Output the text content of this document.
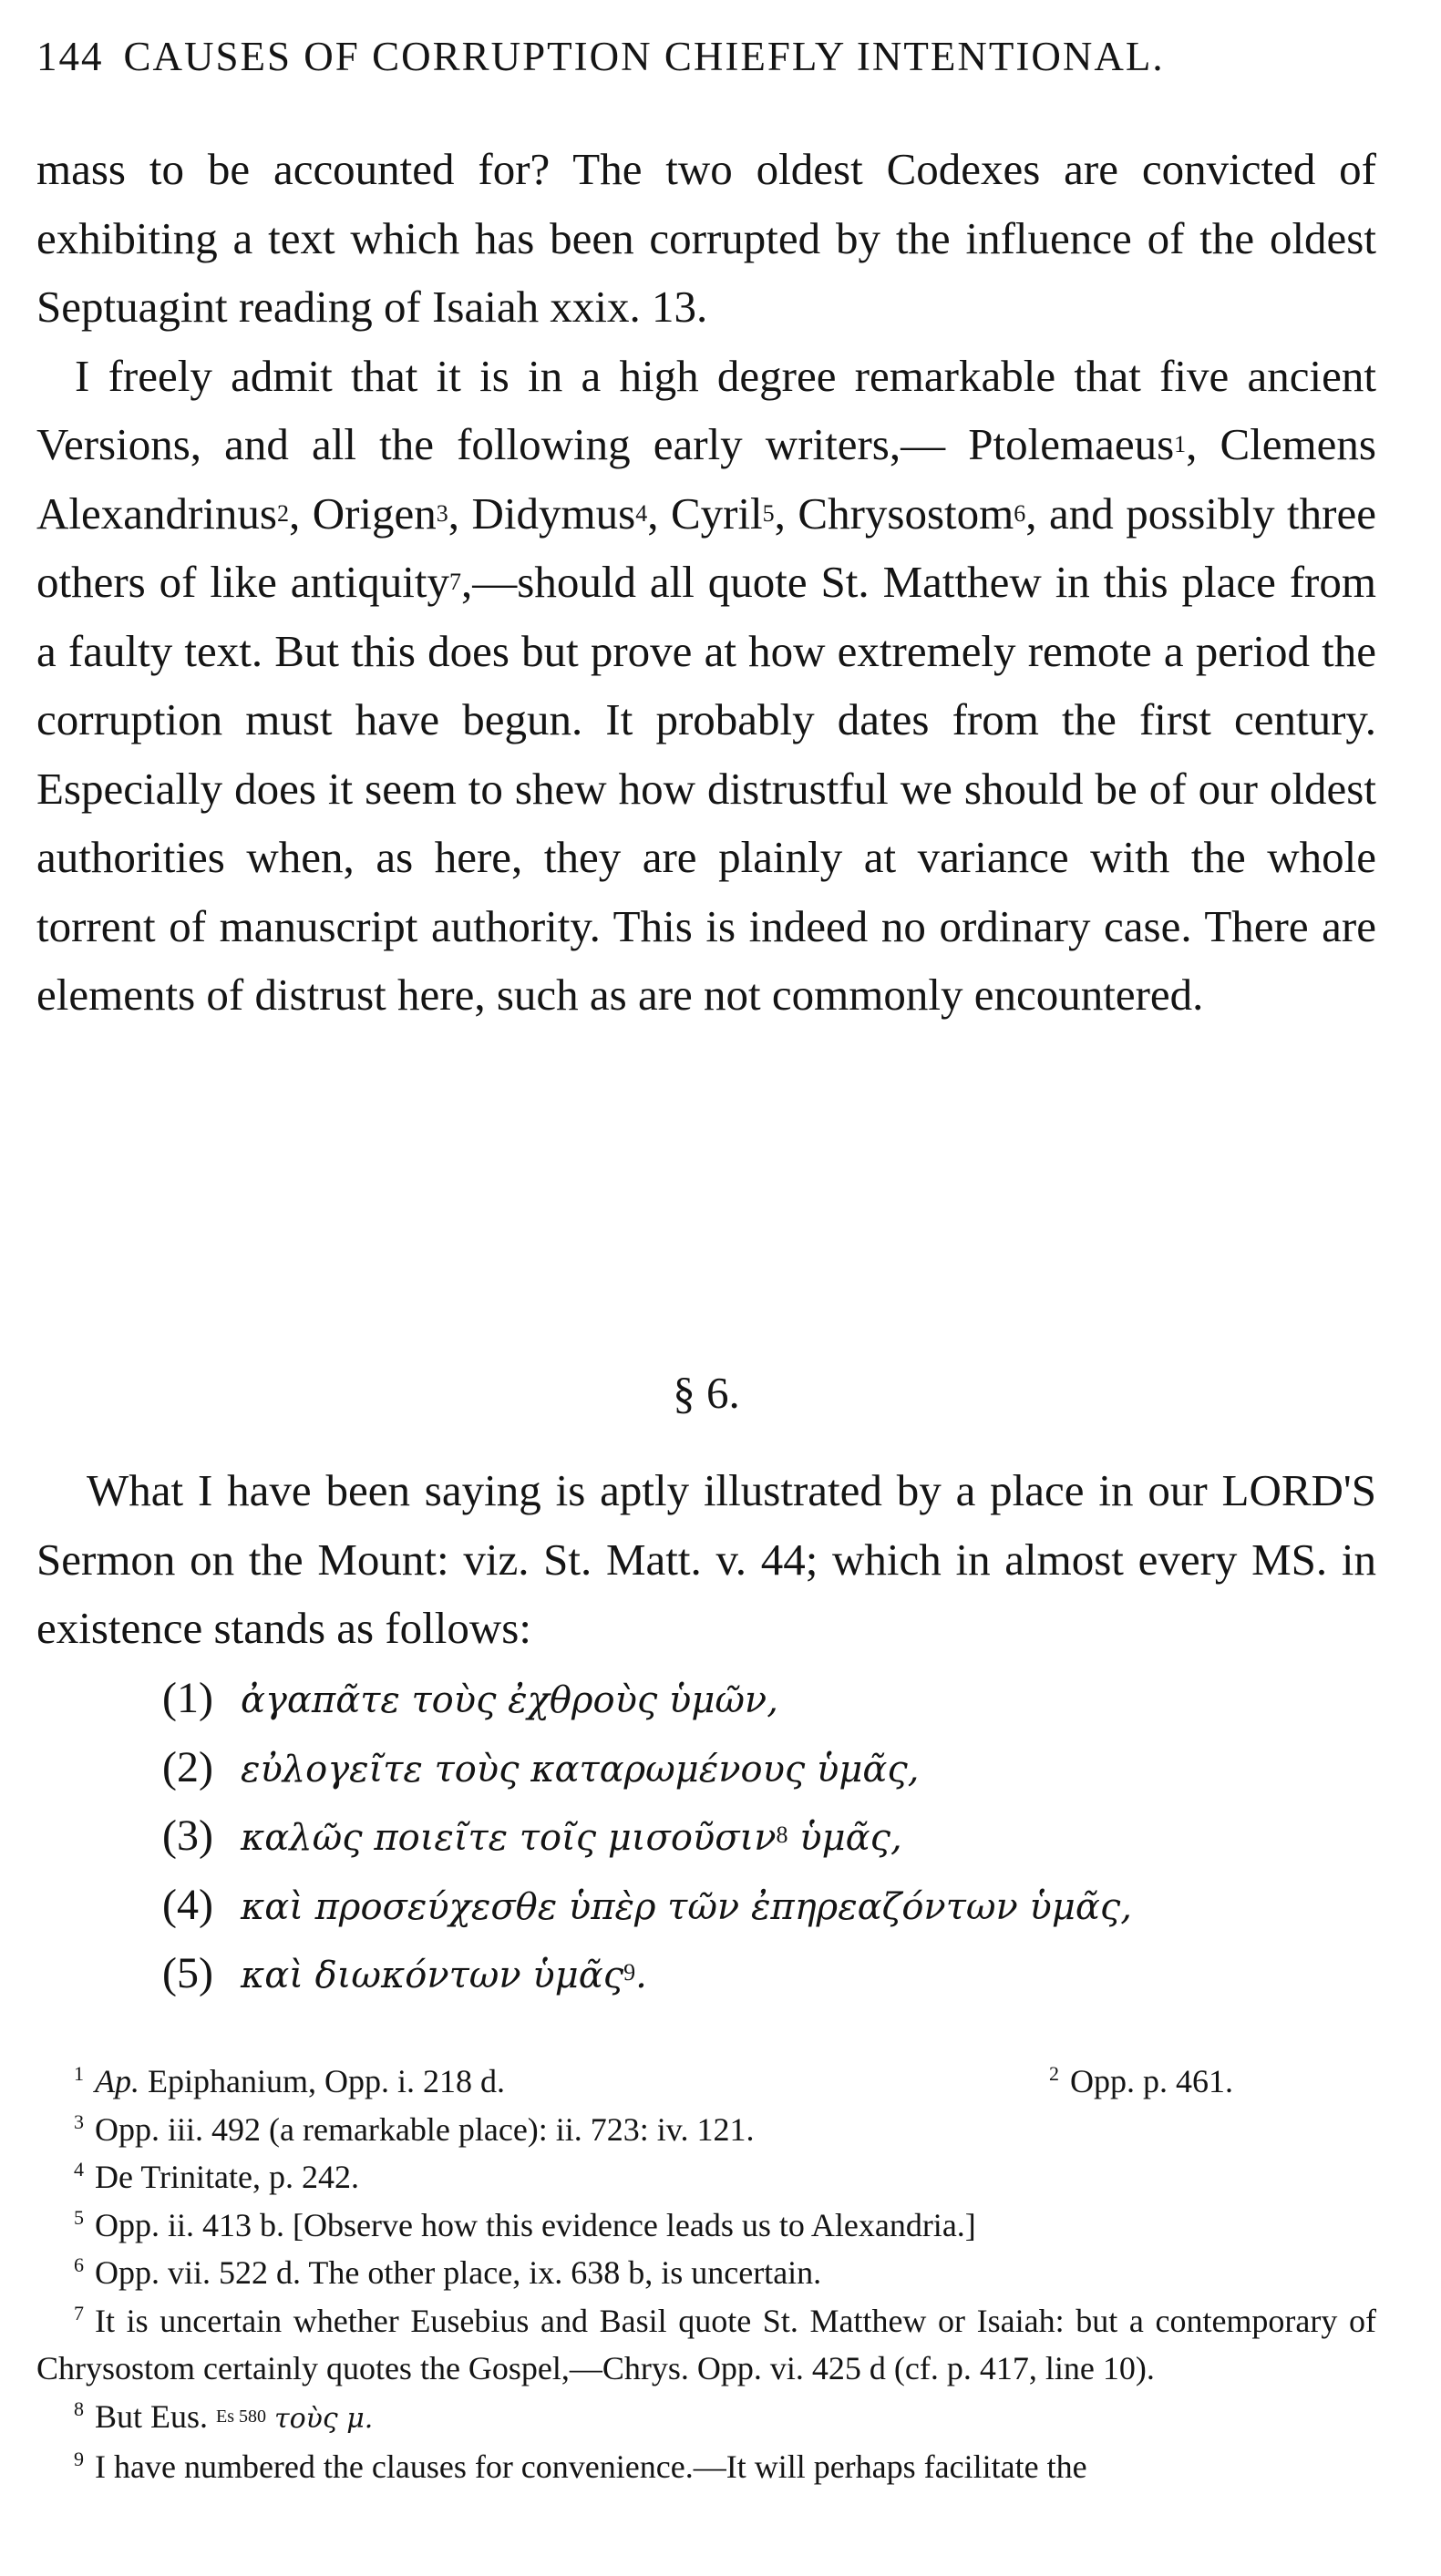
144 CAUSES OF CORRUPTION CHIEFLY INTENTIONAL.

mass to be accounted for? The two oldest Codexes are convicted of exhibiting a text which has been corrupted by the influence of the oldest Septuagint reading of Isaiah xxix. 13.

I freely admit that it is in a high degree remarkable that five ancient Versions, and all the following early writers,— Ptolemaeus$^1$, Clemens Alexandrinus$^2$, Origen$^3$, Didymus$^4$, Cyril$^5$, Chrysostom$^6$, and possibly three others of like antiquity$^7$,—should all quote St. Matthew in this place from a faulty text. But this does but prove at how extremely remote a period the corruption must have begun. It probably dates from the first century. Especially does it seem to shew how distrustful we should be of our oldest authorities when, as here, they are plainly at variance with the whole torrent of manuscript authority. This is indeed no ordinary case. There are elements of distrust here, such as are not commonly encountered.

§ 6.

What I have been saying is aptly illustrated by a place in our LORD'S Sermon on the Mount: viz. St. Matt. v. 44; which in almost every MS. in existence stands as follows:

(1) ἀγαπᾶτε τοὺς ἐχθροὺς ὑμῶν,
(2) εὐλογεῖτε τοὺς καταρωμένους ὑμᾶς,
(3) καλῶς ποιεῖτε τοῖς μισοῦσιν$^8$ ὑμᾶς,
(4) καὶ προσεύχεσθε ὑπὲρ τῶν ἐπηρεαζόντων ὑμᾶς,
(5) καὶ διωκόντων ὑμᾶς$^9$.
1 Ap. Epiphanium, Opp. i. 218 d.	2 Opp. p. 461.
3 Opp. iii. 492 (a remarkable place): ii. 723: iv. 121.
4 De Trinitate, p. 242.
5 Opp. ii. 413 b. [Observe how this evidence leads us to Alexandria.]
6 Opp. vii. 522 d. The other place, ix. 638 b, is uncertain.
7 It is uncertain whether Eusebius and Basil quote St. Matthew or Isaiah: but a contemporary of Chrysostom certainly quotes the Gospel,—Chrys. Opp. vi. 425 d (cf. p. 417, line 10).
8 But Eus. $^{Es 580}$ τοὺς μ.
9 I have numbered the clauses for convenience.—It will perhaps facilitate the
